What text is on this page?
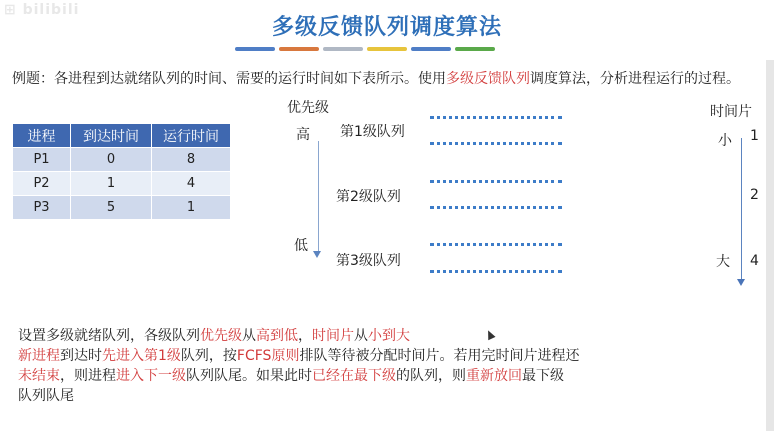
⊞ bilibili
多级反馈队列调度算法
例题：各进程到达就绪队列的时间、需要的运行时间如下表所示。使用多级反馈队列调度算法，分析进程运行的过程。
进程	到达时间	运行时间
P1	0	8
P2	1	4
P3	5	1
优先级
高
低
第1级队列
第2级队列
第3级队列
时间片
小 1
2
大 4
设置多级就绪队列，各级队列优先级从高到低，时间片从小到大
新进程到达时先进入第1级队列，按FCFS原则排队等待被分配时间片。若用完时间片进程还
未结束，则进程进入下一级队列队尾。如果此时已经在最下级的队列，则重新放回最下级
队列队尾
